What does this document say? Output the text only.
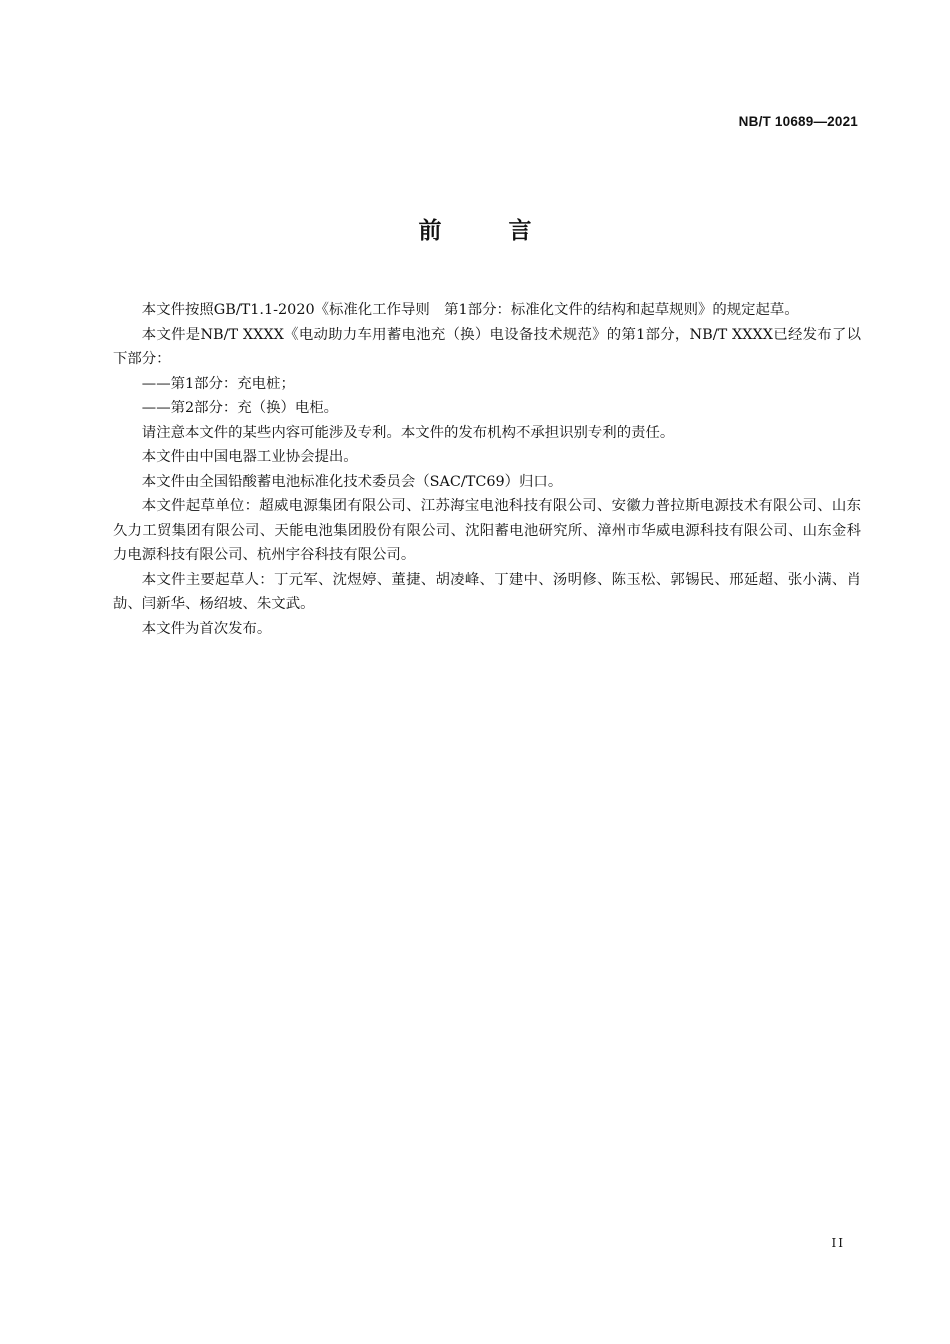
NB/T 10689—2021
前　言

本文件按照GB/T1.1-2020《标准化工作导则　第1部分：标准化文件的结构和起草规则》的规定起草。

本文件是NB/T XXXX《电动助力车用蓄电池充（换）电设备技术规范》的第1部分，NB/T XXXX已经发布了以下部分：

——第1部分：充电桩；

——第2部分：充（换）电柜。

请注意本文件的某些内容可能涉及专利。本文件的发布机构不承担识别专利的责任。

本文件由中国电器工业协会提出。

本文件由全国铅酸蓄电池标准化技术委员会（SAC/TC69）归口。

本文件起草单位：超威电源集团有限公司、江苏海宝电池科技有限公司、安徽力普拉斯电源技术有限公司、山东久力工贸集团有限公司、天能电池集团股份有限公司、沈阳蓄电池研究所、漳州市华威电源科技有限公司、山东金科力电源科技有限公司、杭州宇谷科技有限公司。

本文件主要起草人：丁元军、沈煜婷、董捷、胡凌峰、丁建中、汤明修、陈玉松、郭锡民、邢延超、张小满、肖劼、闫新华、杨绍坡、朱文武。

本文件为首次发布。

II
